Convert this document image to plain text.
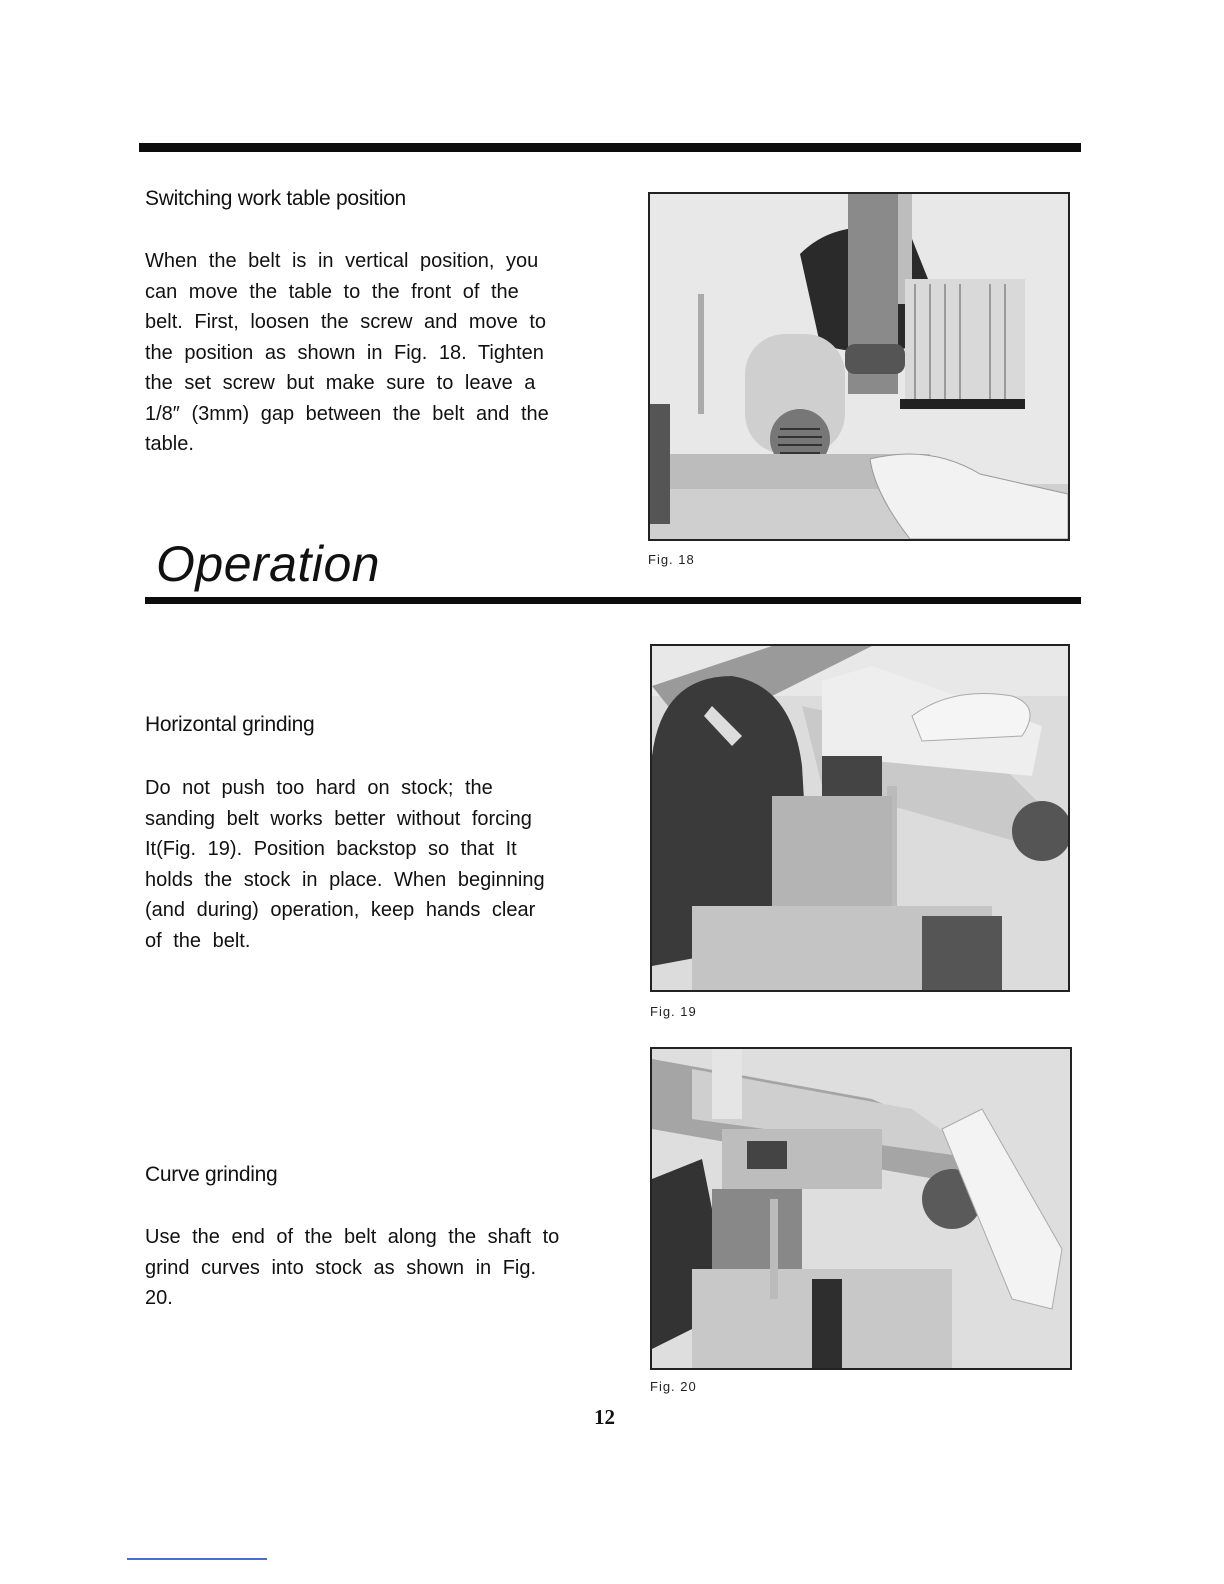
Switching work table position

When the belt is in vertical position, you can move the table to the front of the belt. First, loosen the screw and move to the position as shown in Fig. 18. Tighten the set screw but make sure to leave a 1/8″ (3mm) gap between the belt and the table.

Operation
Horizontal grinding

Do not push too hard on stock; the sanding belt works better without forcing It(Fig. 19). Position backstop so that It holds the stock in place. When beginning (and during) operation, keep hands clear of the belt.

Curve grinding

Use the end of the belt along the shaft to grind curves into stock as shown in Fig. 20.

Fig. 18
Fig. 19
Fig. 20
12
